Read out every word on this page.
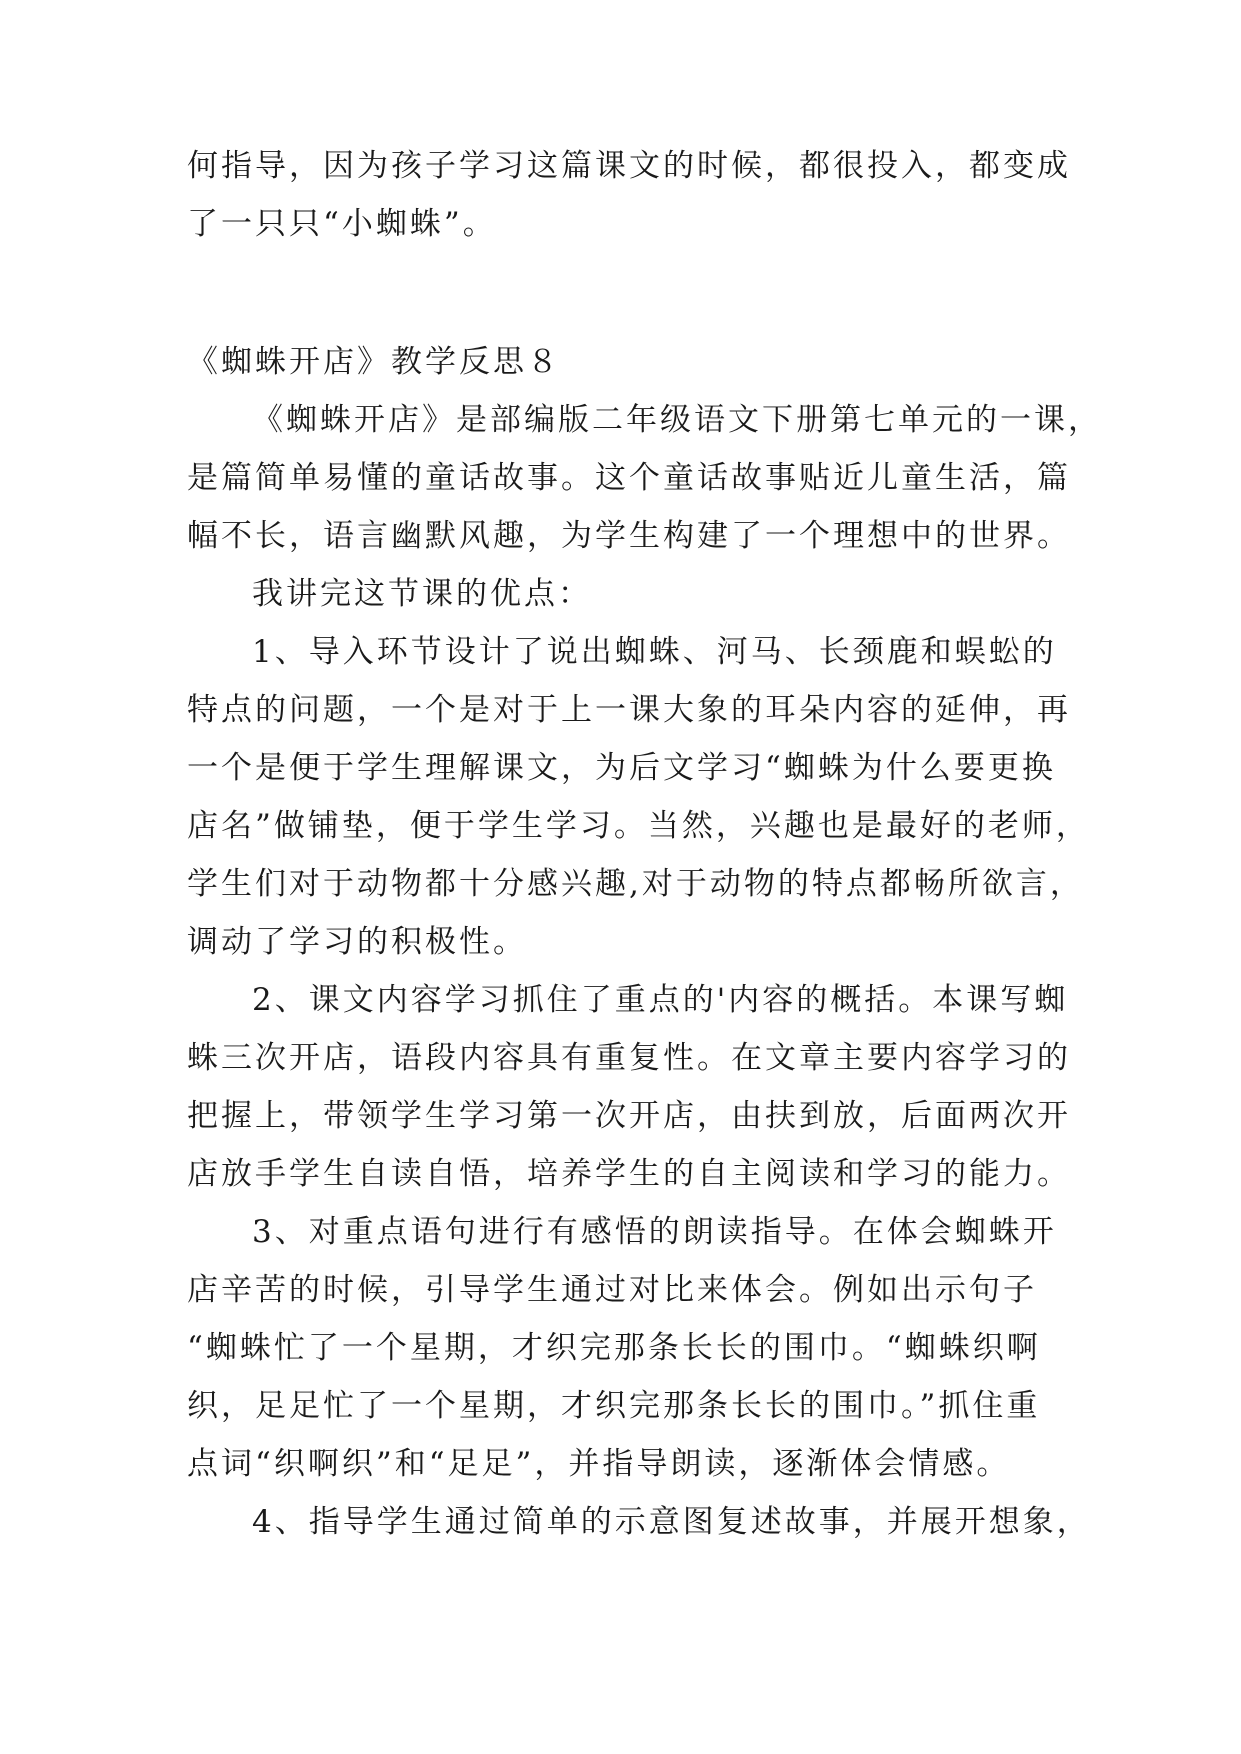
何指导，因为孩子学习这篇课文的时候，都很投入，都变成
了一只只“小蜘蛛”。
《蜘蛛开店》教学反思８
《蜘蛛开店》是部编版二年级语文下册第七单元的一课，
是篇简单易懂的童话故事。这个童话故事贴近儿童生活，篇
幅不长，语言幽默风趣，为学生构建了一个理想中的世界。
我讲完这节课的优点：
1、导入环节设计了说出蜘蛛、河马、长颈鹿和蜈蚣的
特点的问题，一个是对于上一课大象的耳朵内容的延伸，再
一个是便于学生理解课文，为后文学习“蜘蛛为什么要更换
店名”做铺垫，便于学生学习。当然，兴趣也是最好的老师，
学生们对于动物都十分感兴趣,对于动物的特点都畅所欲言，
调动了学习的积极性。
2、课文内容学习抓住了重点的'内容的概括。本课写蜘
蛛三次开店，语段内容具有重复性。在文章主要内容学习的
把握上，带领学生学习第一次开店，由扶到放，后面两次开
店放手学生自读自悟，培养学生的自主阅读和学习的能力。
3、对重点语句进行有感悟的朗读指导。在体会蜘蛛开
店辛苦的时候，引导学生通过对比来体会。例如出示句子
“蜘蛛忙了一个星期，才织完那条长长的围巾。“蜘蛛织啊
织，足足忙了一个星期，才织完那条长长的围巾。”抓住重
点词“织啊织”和“足足”，并指导朗读，逐渐体会情感。
4、指导学生通过简单的示意图复述故事，并展开想象，
